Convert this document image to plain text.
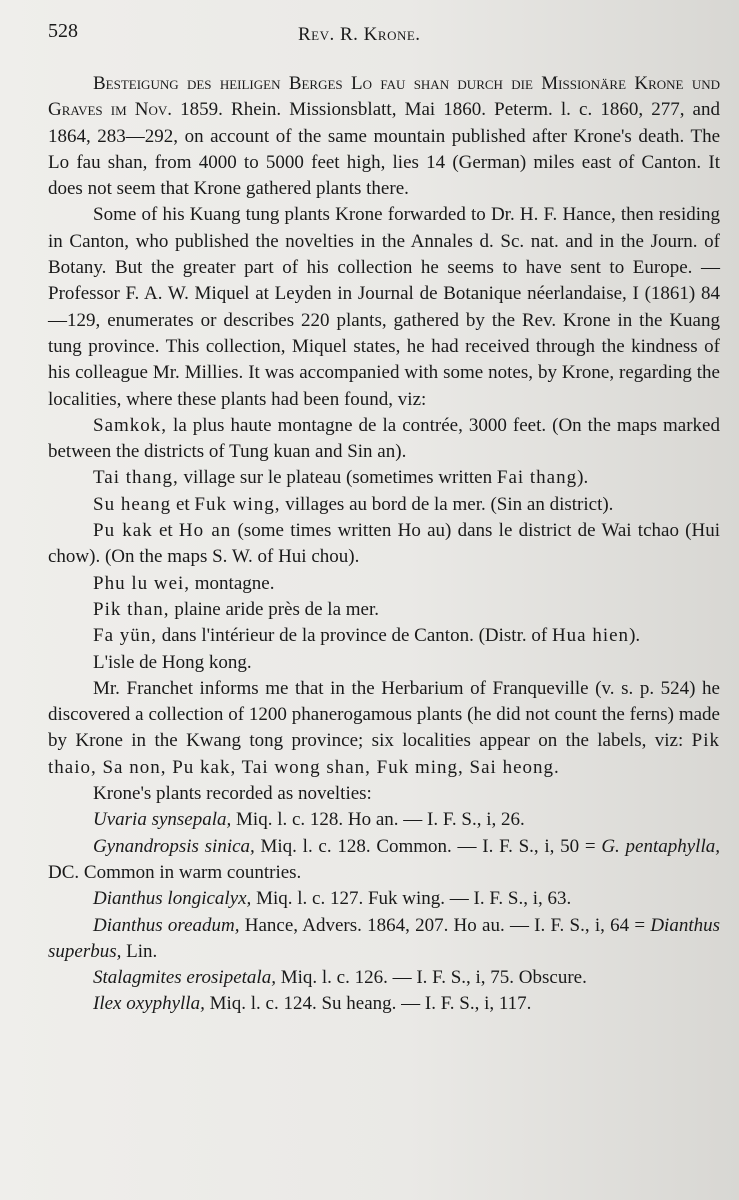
528	Rev. R. Krone.

Besteigung des heiligen Berges Lo fau shan durch die Missionäre Krone und Graves im Nov. 1859. Rhein. Missionsblatt, Mai 1860. Peterm. l. c. 1860, 277, and 1864, 283—292, on account of the same mountain published after Krone's death. The Lo fau shan, from 4000 to 5000 feet high, lies 14 (German) miles east of Canton. It does not seem that Krone gathered plants there.

Some of his Kuang tung plants Krone forwarded to Dr. H. F. Hance, then residing in Canton, who published the novelties in the Annales d. Sc. nat. and in the Journ. of Botany. But the greater part of his collection he seems to have sent to Europe. — Professor F. A. W. Miquel at Leyden in Journal de Botanique néerlandaise, I (1861) 84—129, enumerates or describes 220 plants, gathered by the Rev. Krone in the Kuang tung province. This collection, Miquel states, he had received through the kindness of his colleague Mr. Millies. It was accompanied with some notes, by Krone, regarding the localities, where these plants had been found, viz:

Samkok, la plus haute montagne de la contrée, 3000 feet. (On the maps marked between the districts of Tung kuan and Sin an).

Tai thang, village sur le plateau (sometimes written Fai thang).

Su heang et Fuk wing, villages au bord de la mer. (Sin an district).

Pu kak et Ho an (some times written Ho au) dans le district de Wai tchao (Hui chow). (On the maps S. W. of Hui chou).

Phu lu wei, montagne.

Pik than, plaine aride près de la mer.

Fa yün, dans l'intérieur de la province de Canton. (Distr. of Hua hien).

L'isle de Hong kong.

Mr. Franchet informs me that in the Herbarium of Franqueville (v. s. p. 524) he discovered a collection of 1200 phanerogamous plants (he did not count the ferns) made by Krone in the Kwang tong province; six localities appear on the labels, viz: Pik thaio, Sa non, Pu kak, Tai wong shan, Fuk ming, Sai heong.

Krone's plants recorded as novelties:

Uvaria synsepala, Miq. l. c. 128. Ho an. — I. F. S., i, 26.

Gynandropsis sinica, Miq. l. c. 128. Common. — I. F. S., i, 50 = G. pentaphylla, DC. Common in warm countries.

Dianthus longicalyx, Miq. l. c. 127. Fuk wing. — I. F. S., i, 63.

Dianthus oreadum, Hance, Advers. 1864, 207. Ho au. — I. F. S., i, 64 = Dianthus superbus, Lin.

Stalagmites erosipetala, Miq. l. c. 126. — I. F. S., i, 75. Obscure.

Ilex oxyphylla, Miq. l. c. 124. Su heang. — I. F. S., i, 117.
